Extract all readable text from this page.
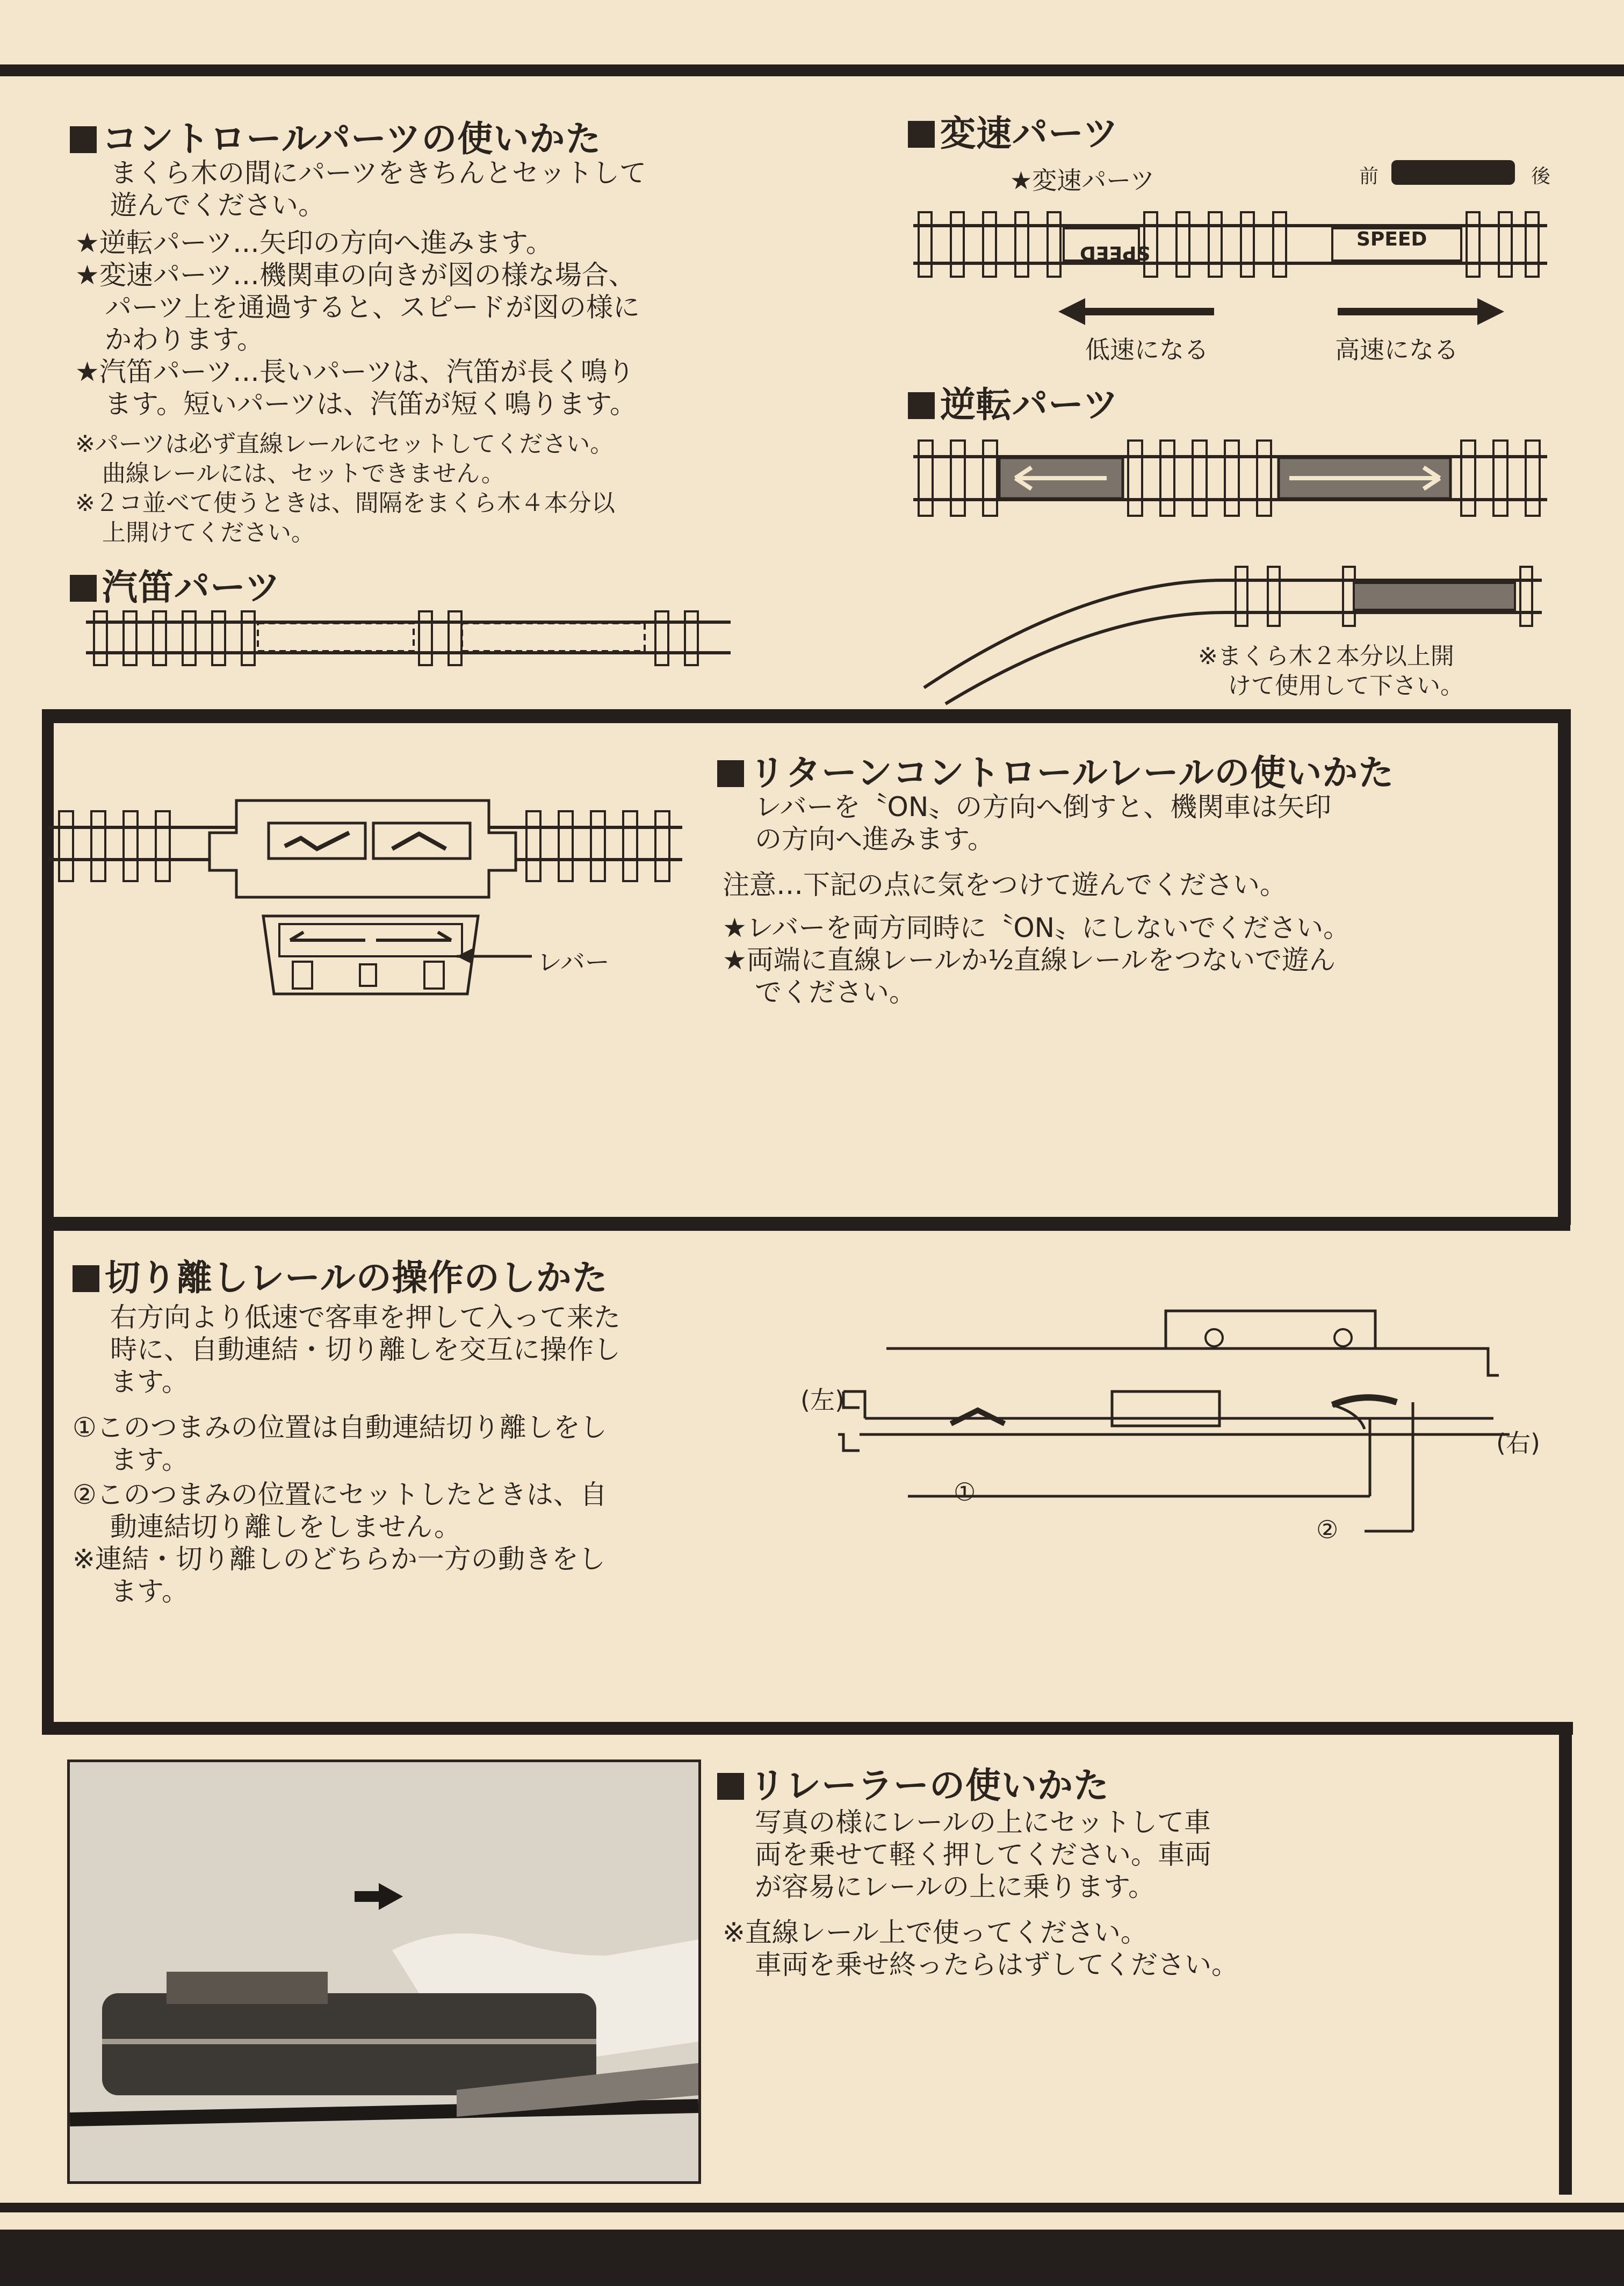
コントロールパーツの使いかた
まくら木の間にパーツをきちんとセットして
遊んでください。
★逆転パーツ…矢印の方向へ進みます。
★変速パーツ…機関車の向きが図の様な場合、
パーツ上を通過すると、スピードが図の様に
かわります。
★汽笛パーツ…長いパーツは、汽笛が長く鳴り
ます。短いパーツは、汽笛が短く鳴ります。
※パーツは必ず直線レールにセットしてください。
曲線レールには、セットできません。
※２コ並べて使うときは、間隔をまくら木４本分以
上開けてください。
汽笛パーツ
変速パーツ
★変速パーツ	前	後
SPEED
SPEED
低速になる	高速になる
逆転パーツ
※まくら木２本分以上開
けて使用して下さい。
レバー
リターンコントロールレールの使いかた
レバーを〝ON〟の方向へ倒すと、機関車は矢印
の方向へ進みます。
注意…下記の点に気をつけて遊んでください。
★レバーを両方同時に〝ON〟にしないでください。
★両端に直線レールか½直線レールをつないで遊ん
でください。
切り離しレールの操作のしかた
右方向より低速で客車を押して入って来た
時に、自動連結・切り離しを交互に操作し
ます。
①このつまみの位置は自動連結切り離しをし
ます。
②このつまみの位置にセットしたときは、自
動連結切り離しをしません。
※連結・切り離しのどちらか一方の動きをし
ます。
(左)
(右)
①
②
リレーラーの使いかた
写真の様にレールの上にセットして車
両を乗せて軽く押してください。車両
が容易にレールの上に乗ります。
※直線レール上で使ってください。
車両を乗せ終ったらはずしてください。
